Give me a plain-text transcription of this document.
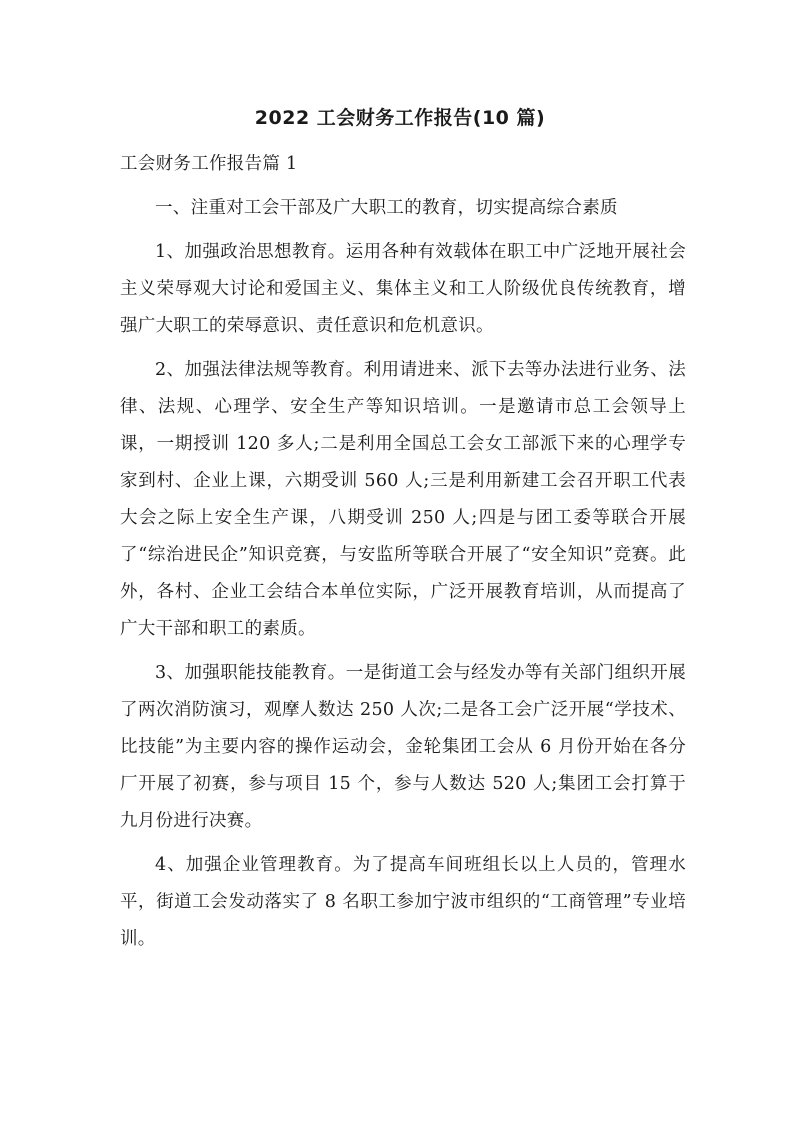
2022 工会财务工作报告(10 篇)

工会财务工作报告篇 1

一、注重对工会干部及广大职工的教育，切实提高综合素质

1、加强政治思想教育。运用各种有效载体在职工中广泛地开展社会主义荣辱观大讨论和爱国主义、集体主义和工人阶级优良传统教育，增强广大职工的荣辱意识、责任意识和危机意识。

2、加强法律法规等教育。利用请进来、派下去等办法进行业务、法律、法规、心理学、安全生产等知识培训。一是邀请市总工会领导上课，一期授训 120 多人;二是利用全国总工会女工部派下来的心理学专家到村、企业上课，六期受训 560 人;三是利用新建工会召开职工代表大会之际上安全生产课，八期受训 250 人;四是与团工委等联合开展了“综治进民企”知识竞赛，与安监所等联合开展了“安全知识”竞赛。此外，各村、企业工会结合本单位实际，广泛开展教育培训，从而提高了广大干部和职工的素质。

3、加强职能技能教育。一是街道工会与经发办等有关部门组织开展了两次消防演习，观摩人数达 250 人次;二是各工会广泛开展“学技术、比技能”为主要内容的操作运动会，金轮集团工会从 6 月份开始在各分厂开展了初赛，参与项目 15 个，参与人数达 520 人;集团工会打算于九月份进行决赛。

4、加强企业管理教育。为了提高车间班组长以上人员的，管理水平，街道工会发动落实了 8 名职工参加宁波市组织的“工商管理”专业培训。
